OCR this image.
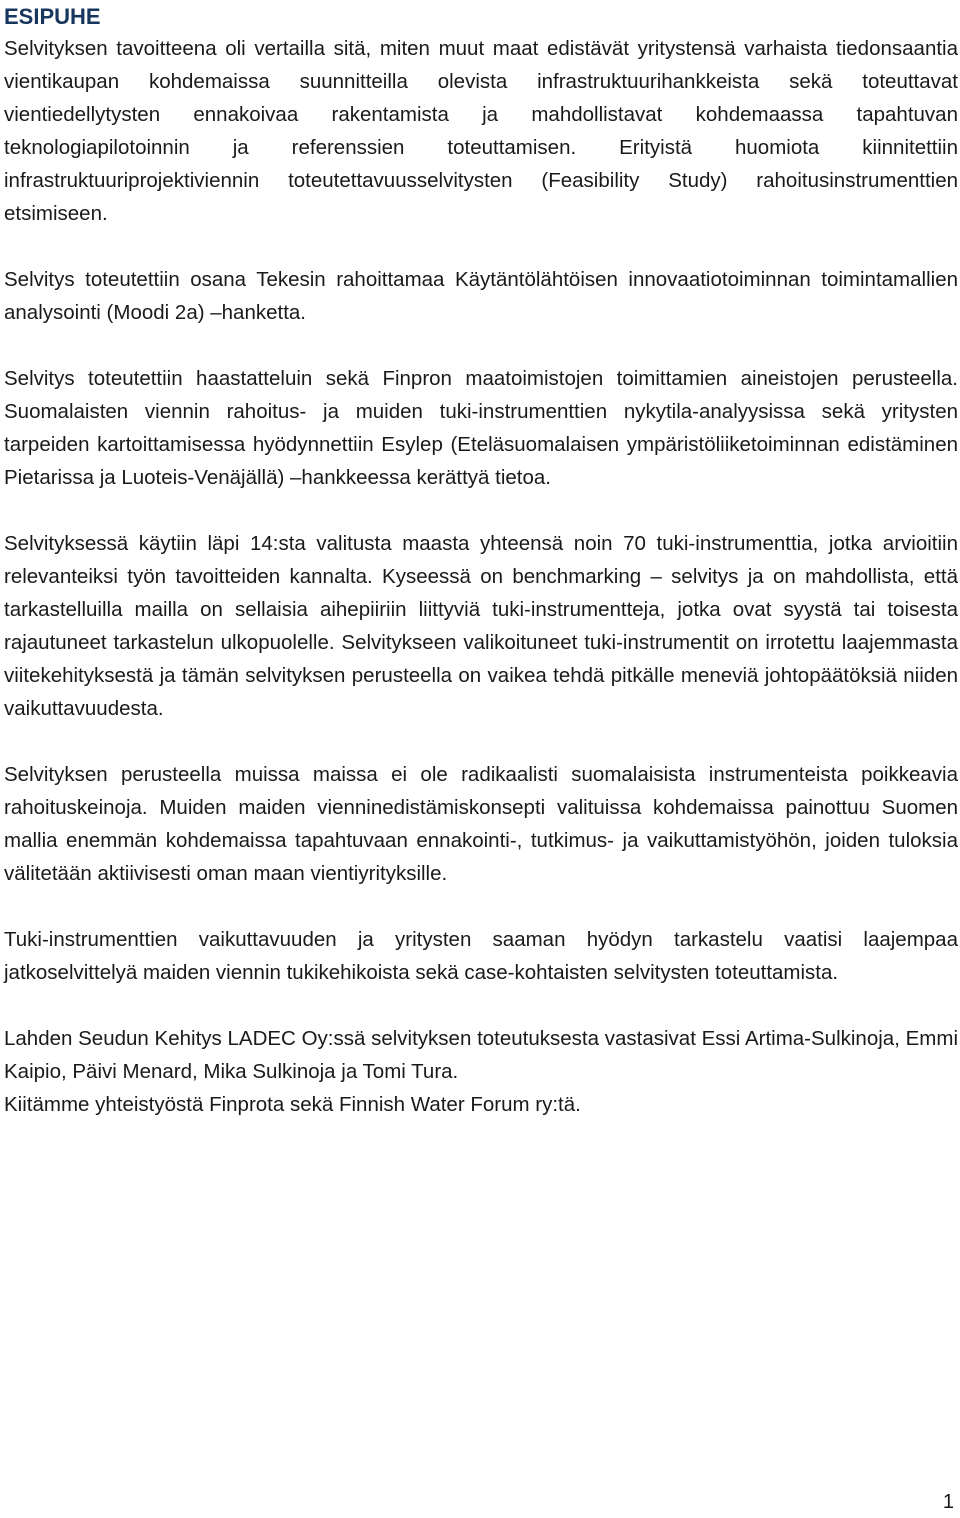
ESIPUHE

Selvityksen tavoitteena oli vertailla sitä, miten muut maat edistävät yritystensä varhaista tiedonsaantia vientikaupan kohdemaissa suunnitteilla olevista infrastruktuurihankkeista sekä toteuttavat vientiedellytysten ennakoivaa rakentamista ja mahdollistavat kohdemaassa tapahtuvan teknologiapilotoinnin ja referenssien toteuttamisen. Erityistä huomiota kiinnitettiin infrastruktuuriprojektiviennin toteutettavuusselvitysten (Feasibility Study) rahoitusinstrumenttien etsimiseen.

Selvitys toteutettiin osana Tekesin rahoittamaa Käytäntölähtöisen innovaatiotoiminnan toimintamallien analysointi (Moodi 2a) –hanketta.

Selvitys toteutettiin haastatteluin sekä Finpron maatoimistojen toimittamien aineistojen perusteella. Suomalaisten viennin rahoitus- ja muiden tuki-instrumenttien nykytila-analyysissa sekä yritysten tarpeiden kartoittamisessa hyödynnettiin Esylep (Eteläsuomalaisen ympäristöliiketoiminnan edistäminen Pietarissa ja Luoteis-Venäjällä) –hankkeessa kerättyä tietoa.

Selvityksessä käytiin läpi 14:sta valitusta maasta yhteensä noin 70 tuki-instrumenttia, jotka arvioitiin relevanteiksi työn tavoitteiden kannalta. Kyseessä on benchmarking – selvitys ja on mahdollista, että tarkastelluilla mailla on sellaisia aihepiiriin liittyviä tuki-instrumentteja, jotka ovat syystä tai toisesta rajautuneet tarkastelun ulkopuolelle. Selvitykseen valikoituneet tuki-instrumentit on irrotettu laajemmasta viitekehityksestä ja tämän selvityksen perusteella on vaikea tehdä pitkälle meneviä johtopäätöksiä niiden vaikuttavuudesta.

Selvityksen perusteella muissa maissa ei ole radikaalisti suomalaisista instrumenteista poikkeavia rahoituskeinoja. Muiden maiden vienninedistämiskonsepti valituissa kohdemaissa painottuu Suomen mallia enemmän kohdemaissa tapahtuvaan ennakointi-, tutkimus- ja vaikuttamistyöhön, joiden tuloksia välitetään aktiivisesti oman maan vientiyrityksille.

Tuki-instrumenttien vaikuttavuuden ja yritysten saaman hyödyn tarkastelu vaatisi laajempaa jatkoselvittelyä maiden viennin tukikehikoista sekä case-kohtaisten selvitysten toteuttamista.

Lahden Seudun Kehitys LADEC Oy:ssä selvityksen toteutuksesta vastasivat Essi Artima-Sulkinoja, Emmi Kaipio, Päivi Menard, Mika Sulkinoja ja Tomi Tura.

Kiitämme yhteistyöstä Finprota sekä Finnish Water Forum ry:tä.

1
